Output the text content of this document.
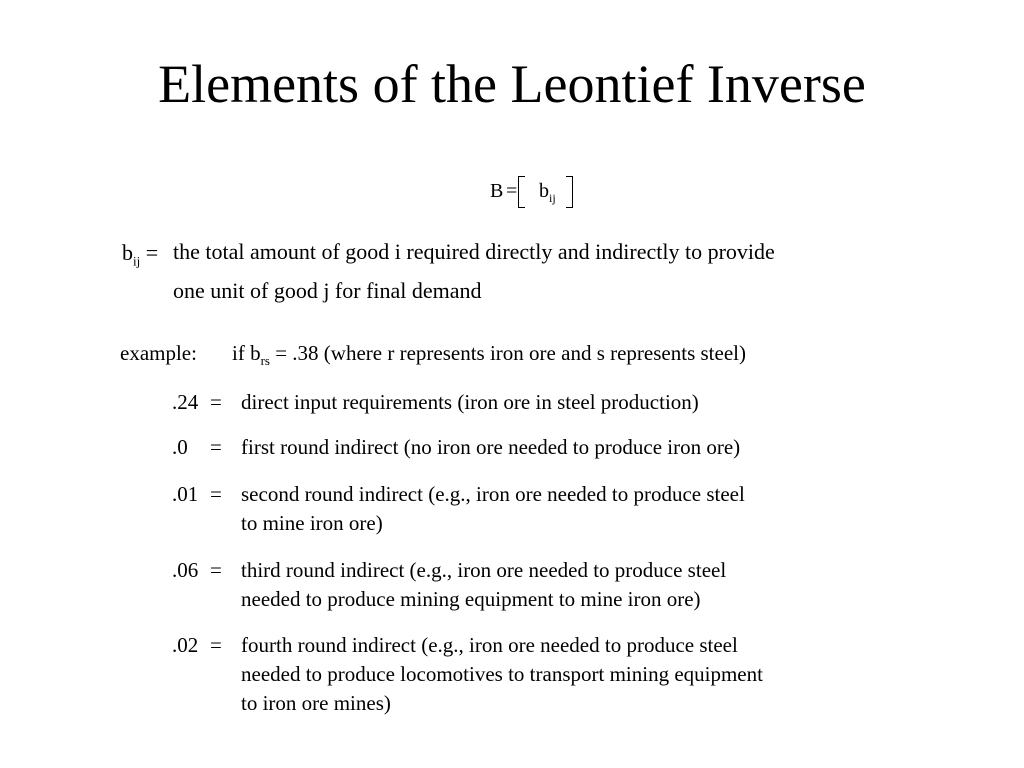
Elements of the Leontief Inverse
$B = b_{ij}$
$b_{ij}$ = the total amount of good i required directly and indirectly to provide
one unit of good j for final demand
example: if $b_{rs} = .38$ (where r represents iron ore and s represents steel)
.24 = direct input requirements (iron ore in steel production)
.0 = first round indirect (no iron ore needed to produce iron ore)
.01 = second round indirect (e.g., iron ore needed to produce steel
to mine iron ore)
.06 = third round indirect (e.g., iron ore needed to produce steel
needed to produce mining equipment to mine iron ore)
.02 = fourth round indirect (e.g., iron ore needed to produce steel
needed to produce locomotives to transport mining equipment
to iron ore mines)
